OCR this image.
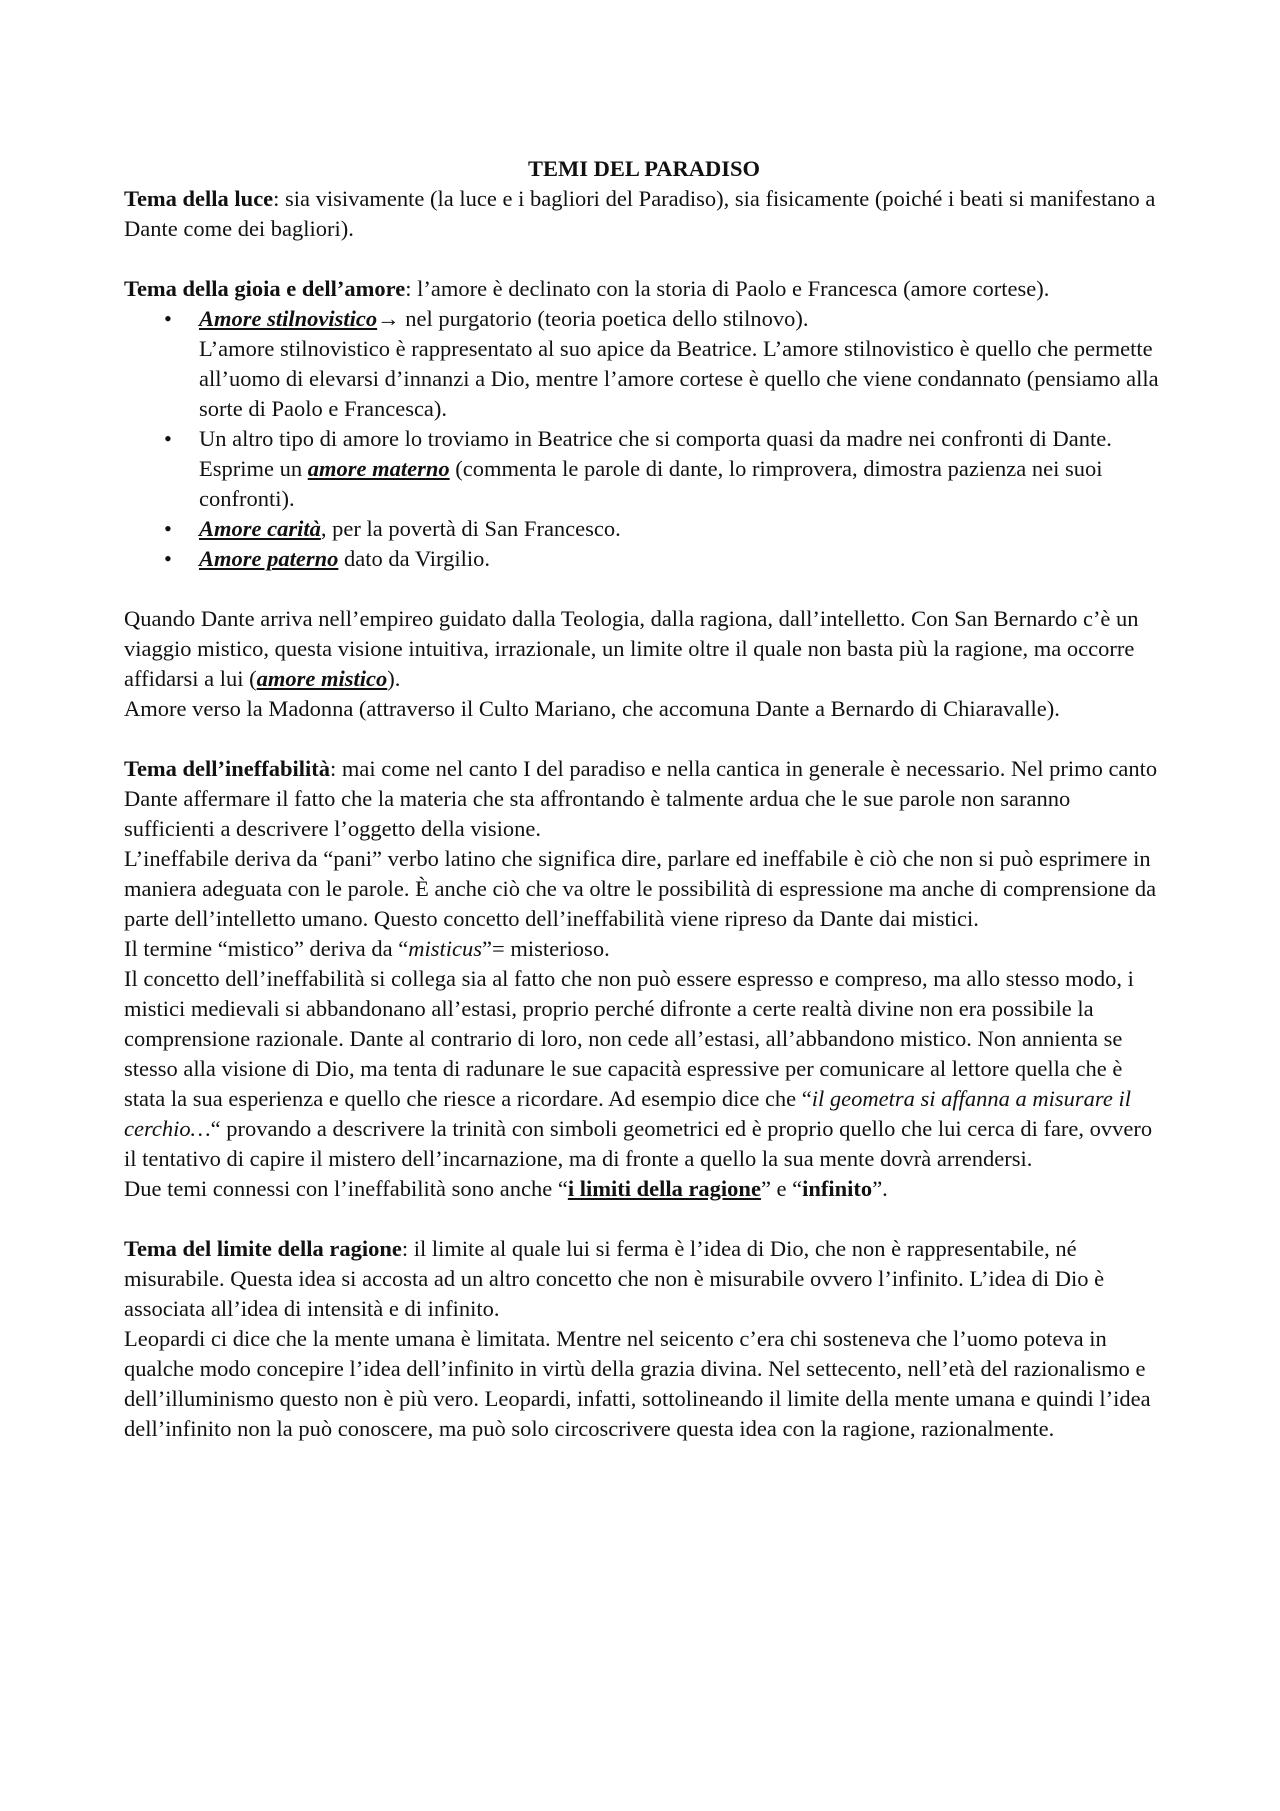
TEMI DEL PARADISO

Tema della luce: sia visivamente (la luce e i bagliori del Paradiso), sia fisicamente (poiché i beati si manifestano a Dante come dei bagliori).

Tema della gioia e dell’amore: l’amore è declinato con la storia di Paolo e Francesca (amore cortese).

• Amore stilnovistico→ nel purgatorio (teoria poetica dello stilnovo).
L’amore stilnovistico è rappresentato al suo apice da Beatrice. L’amore stilnovistico è quello che permette all’uomo di elevarsi d’innanzi a Dio, mentre l’amore cortese è quello che viene condannato (pensiamo alla sorte di Paolo e Francesca).
• Un altro tipo di amore lo troviamo in Beatrice che si comporta quasi da madre nei confronti di Dante. Esprime un amore materno (commenta le parole di dante, lo rimprovera, dimostra pazienza nei suoi confronti).
• Amore carità, per la povertà di San Francesco.
• Amore paterno dato da Virgilio.

Quando Dante arriva nell’empireo guidato dalla Teologia, dalla ragiona, dall’intelletto. Con San Bernardo c’è un viaggio mistico, questa visione intuitiva, irrazionale, un limite oltre il quale non basta più la ragione, ma occorre affidarsi a lui (amore mistico).

Amore verso la Madonna (attraverso il Culto Mariano, che accomuna Dante a Bernardo di Chiaravalle).

Tema dell’ineffabilità: mai come nel canto I del paradiso e nella cantica in generale è necessario. Nel primo canto Dante affermare il fatto che la materia che sta affrontando è talmente ardua che le sue parole non saranno sufficienti a descrivere l’oggetto della visione.

L’ineffabile deriva da “pani” verbo latino che significa dire, parlare ed ineffabile è ciò che non si può esprimere in maniera adeguata con le parole. È anche ciò che va oltre le possibilità di espressione ma anche di comprensione da parte dell’intelletto umano. Questo concetto dell’ineffabilità viene ripreso da Dante dai mistici.

Il termine “mistico” deriva da “misticus”= misterioso.

Il concetto dell’ineffabilità si collega sia al fatto che non può essere espresso e compreso, ma allo stesso modo, i mistici medievali si abbandonano all’estasi, proprio perché difronte a certe realtà divine non era possibile la comprensione razionale. Dante al contrario di loro, non cede all’estasi, all’abbandono mistico. Non annienta se stesso alla visione di Dio, ma tenta di radunare le sue capacità espressive per comunicare al lettore quella che è stata la sua esperienza e quello che riesce a ricordare. Ad esempio dice che “il geometra si affanna a misurare il cerchio…“ provando a descrivere la trinità con simboli geometrici ed è proprio quello che lui cerca di fare, ovvero il tentativo di capire il mistero dell’incarnazione, ma di fronte a quello la sua mente dovrà arrendersi.

Due temi connessi con l’ineffabilità sono anche “i limiti della ragione” e “infinito”.

Tema del limite della ragione: il limite al quale lui si ferma è l’idea di Dio, che non è rappresentabile, né misurabile. Questa idea si accosta ad un altro concetto che non è misurabile ovvero l’infinito. L’idea di Dio è associata all’idea di intensità e di infinito.

Leopardi ci dice che la mente umana è limitata. Mentre nel seicento c’era chi sosteneva che l’uomo poteva in qualche modo concepire l’idea dell’infinito in virtù della grazia divina. Nel settecento, nell’età del razionalismo e dell’illuminismo questo non è più vero. Leopardi, infatti, sottolineando il limite della mente umana e quindi l’idea dell’infinito non la può conoscere, ma può solo circoscrivere questa idea con la ragione, razionalmente.
